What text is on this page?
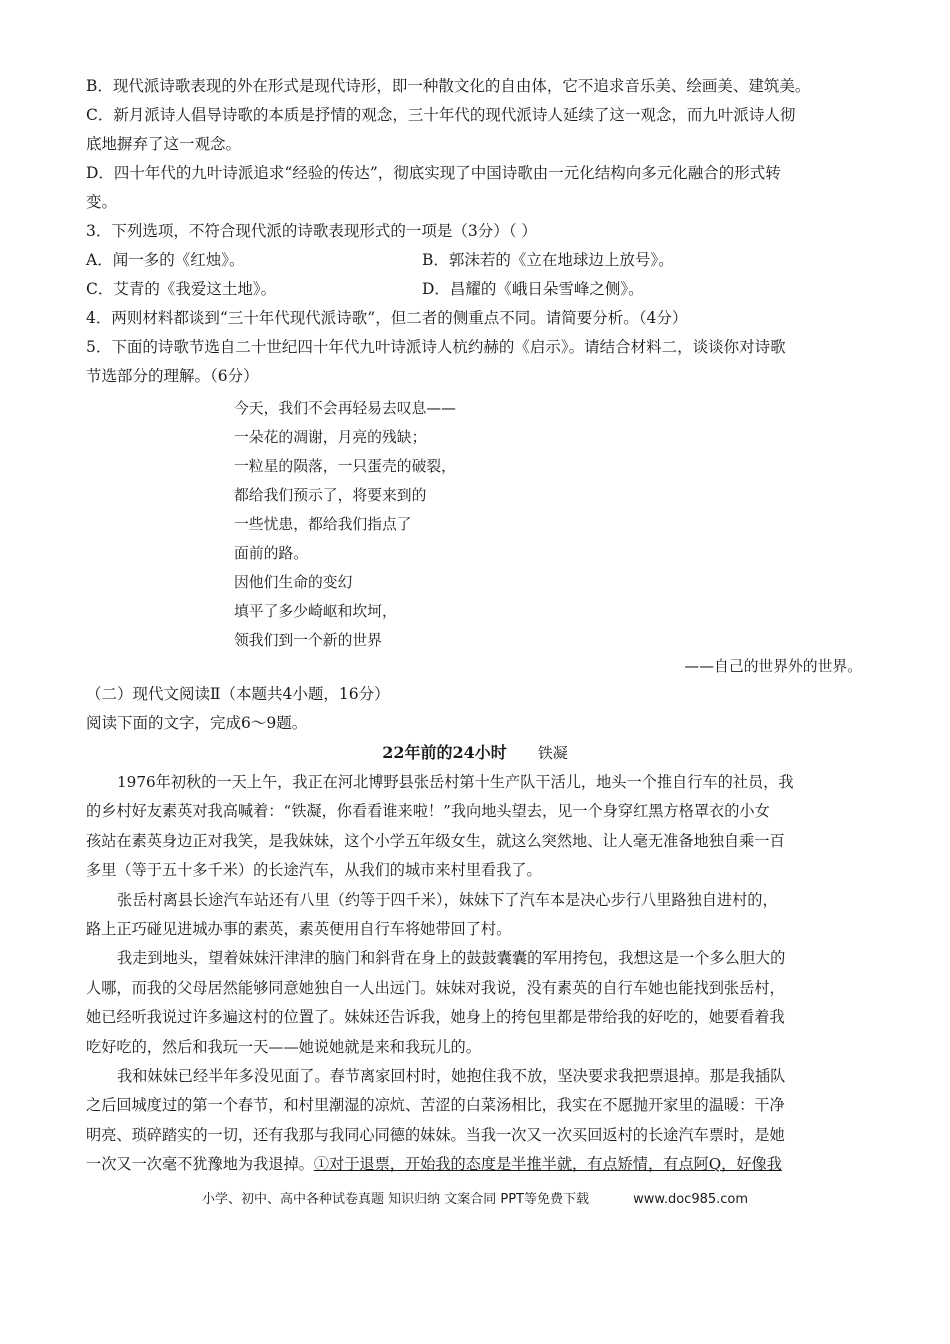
B．现代派诗歌表现的外在形式是现代诗形，即一种散文化的自由体，它不追求音乐美、绘画美、建筑美。
C．新月派诗人倡导诗歌的本质是抒情的观念，三十年代的现代派诗人延续了这一观念，而九叶派诗人彻
底地摒弃了这一观念。
D．四十年代的九叶诗派追求“经验的传达”，彻底实现了中国诗歌由一元化结构向多元化融合的形式转
变。
3．下列选项，不符合现代派的诗歌表现形式的一项是（3分）（ ）
A．闻一多的《红烛》。	B．郭沫若的《立在地球边上放号》。
C．艾青的《我爱这土地》。	D．昌耀的《峨日朵雪峰之侧》。
4．两则材料都谈到“三十年代现代派诗歌”，但二者的侧重点不同。请简要分析。（4分）
5．下面的诗歌节选自二十世纪四十年代九叶诗派诗人杭约赫的《启示》。请结合材料二，谈谈你对诗歌
节选部分的理解。（6分）
今天，我们不会再轻易去叹息——
一朵花的凋谢，月亮的残缺；
一粒星的陨落，一只蛋壳的破裂，
都给我们预示了，将要来到的
一些忧患，都给我们指点了
面前的路。
因他们生命的变幻
填平了多少崎岖和坎坷，
领我们到一个新的世界
——自己的世界外的世界。
（二）现代文阅读Ⅱ（本题共4小题，16分）
阅读下面的文字，完成6～9题。
22年前的24小时 铁凝
1976年初秋的一天上午，我正在河北博野县张岳村第十生产队干活儿，地头一个推自行车的社员，我
的乡村好友素英对我高喊着：“铁凝，你看看谁来啦！”我向地头望去，见一个身穿红黑方格罩衣的小女
孩站在素英身边正对我笑，是我妹妹，这个小学五年级女生，就这么突然地、让人毫无准备地独自乘一百
多里（等于五十多千米）的长途汽车，从我们的城市来村里看我了。
张岳村离县长途汽车站还有八里（约等于四千米），妹妹下了汽车本是决心步行八里路独自进村的，
路上正巧碰见进城办事的素英，素英便用自行车将她带回了村。
我走到地头，望着妹妹汗津津的脑门和斜背在身上的鼓鼓囊囊的军用挎包，我想这是一个多么胆大的
人哪，而我的父母居然能够同意她独自一人出远门。妹妹对我说，没有素英的自行车她也能找到张岳村，
她已经听我说过许多遍这村的位置了。妹妹还告诉我，她身上的挎包里都是带给我的好吃的，她要看着我
吃好吃的，然后和我玩一天——她说她就是来和我玩儿的。
我和妹妹已经半年多没见面了。春节离家回村时，她抱住我不放，坚决要求我把票退掉。那是我插队
之后回城度过的第一个春节，和村里潮湿的凉炕、苦涩的白菜汤相比，我实在不愿抛开家里的温暖：干净
明亮、琐碎踏实的一切，还有我那与我同心同德的妹妹。当我一次又一次买回返村的长途汽车票时，是她
一次又一次毫不犹豫地为我退掉。①对于退票，开始我的态度是半推半就，有点矫情，有点阿Q，好像我
小学、初中、高中各种试卷真题 知识归纳 文案合同 PPT等免费下载	www.doc985.com
